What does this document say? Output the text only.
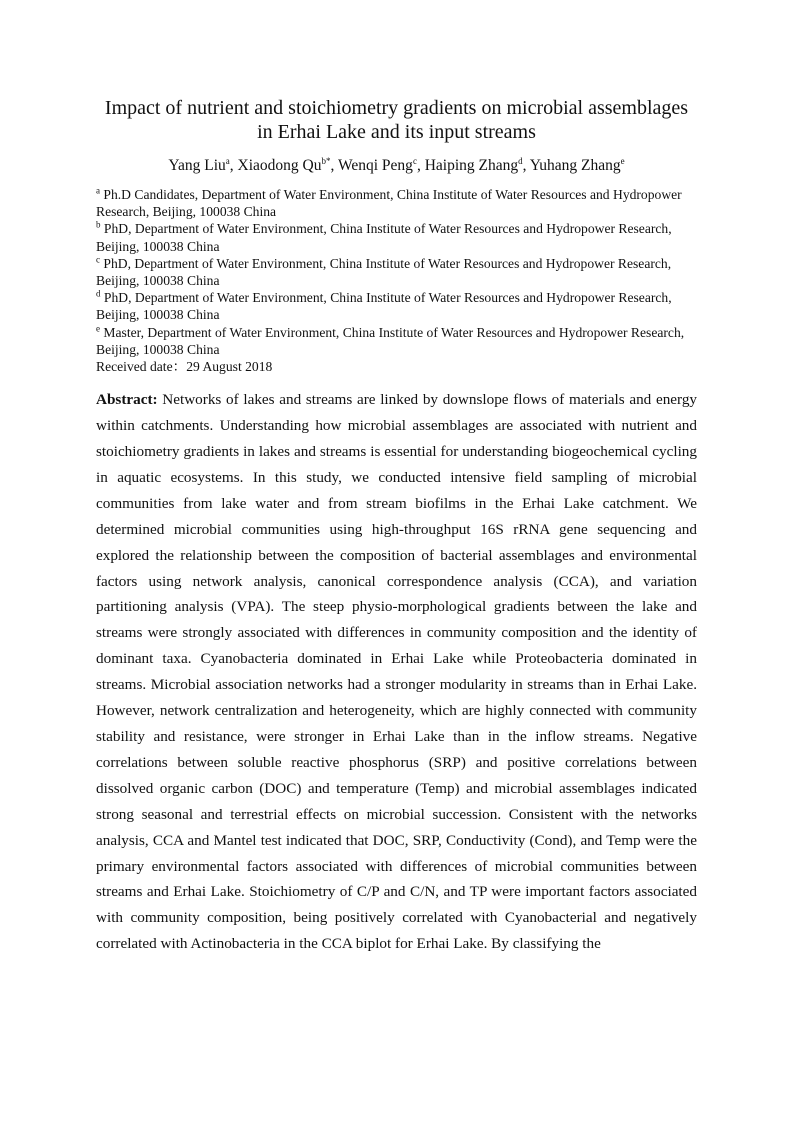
Impact of nutrient and stoichiometry gradients on microbial assemblages
in Erhai Lake and its input streams
Yang Liu$^a$, Xiaodong $Qu^{b*}$, Wenqi Peng$^c$, Haiping Zhang$^d$, Yuhang Zhang$^e$

$^a$ Ph.D Candidates, Department of Water Environment, China Institute of Water Resources and Hydropower Research, Beijing, 100038 China

$^b$ PhD, Department of Water Environment, China Institute of Water Resources and Hydropower Research, Beijing, 100038 China

$^c$ PhD, Department of Water Environment, China Institute of Water Resources and Hydropower Research, Beijing, 100038 China

$^d$ PhD, Department of Water Environment, China Institute of Water Resources and Hydropower Research, Beijing, 100038 China

$^e$ Master, Department of Water Environment, China Institute of Water Resources and Hydropower Research, Beijing, 100038 China

Received date：29 August 2018

Abstract: Networks of lakes and streams are linked by downslope flows of materials and energy within catchments. Understanding how microbial assemblages are associated with nutrient and stoichiometry gradients in lakes and streams is essential for understanding biogeochemical cycling in aquatic ecosystems. In this study, we conducted intensive field sampling of microbial communities from lake water and from stream biofilms in the Erhai Lake catchment. We determined microbial communities using high-throughput 16S rRNA gene sequencing and explored the relationship between the composition of bacterial assemblages and environmental factors using network analysis, canonical correspondence analysis (CCA), and variation partitioning analysis (VPA). The steep physio-morphological gradients between the lake and streams were strongly associated with differences in community composition and the identity of dominant taxa. Cyanobacteria dominated in Erhai Lake while Proteobacteria dominated in streams. Microbial association networks had a stronger modularity in streams than in Erhai Lake. However, network centralization and heterogeneity, which are highly connected with community stability and resistance, were stronger in Erhai Lake than in the inflow streams. Negative correlations between soluble reactive phosphorus (SRP) and positive correlations between dissolved organic carbon (DOC) and temperature (Temp) and microbial assemblages indicated strong seasonal and terrestrial effects on microbial succession. Consistent with the networks analysis, CCA and Mantel test indicated that DOC, SRP, Conductivity (Cond), and Temp were the primary environmental factors associated with differences of microbial communities between streams and Erhai Lake. Stoichiometry of C/P and C/N, and TP were important factors associated with community composition, being positively correlated with Cyanobacterial and negatively correlated with Actinobacteria in the CCA biplot for Erhai Lake. By classifying the
